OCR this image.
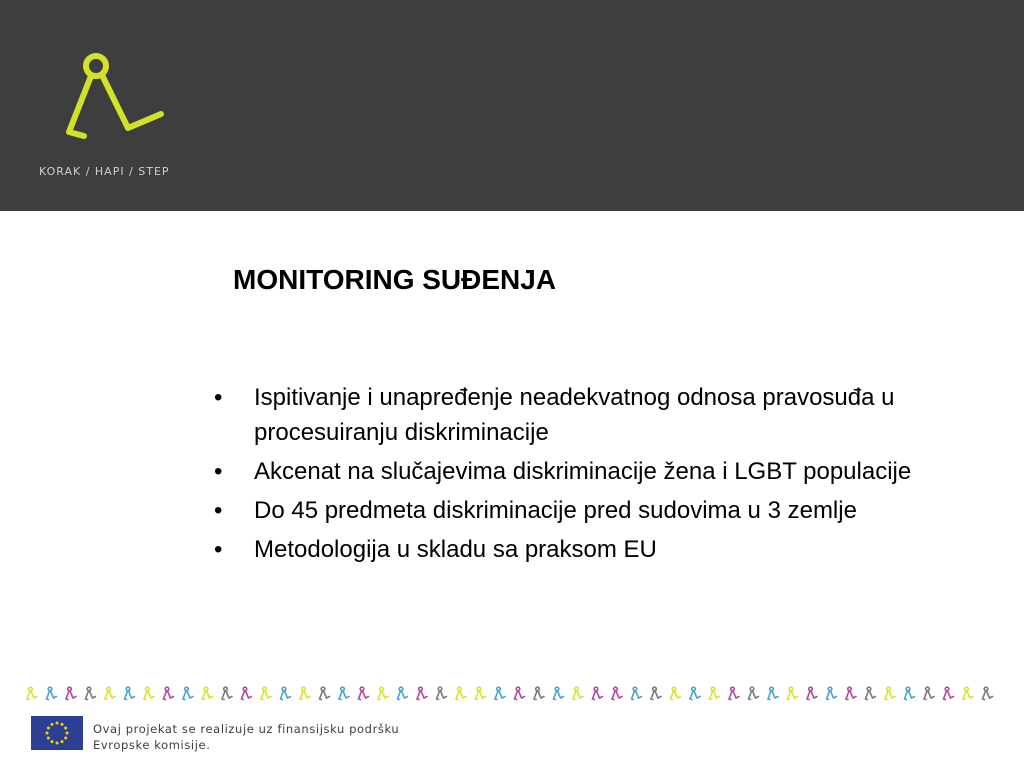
KORAK / HAPI / STEP
MONITORING SUĐENJA
• Ispitivanje i unapređenje neadekvatnog odnosa pravosuđa u procesuiranju diskriminacije
• Akcenat na slučajevima diskriminacije žena i LGBT populacije
• Do 45 predmeta diskriminacije pred sudovima u 3 zemlje
• Metodologija u skladu sa praksom EU
Ovaj projekat se realizuje uz finansijsku podršku
Evropske komisije.
